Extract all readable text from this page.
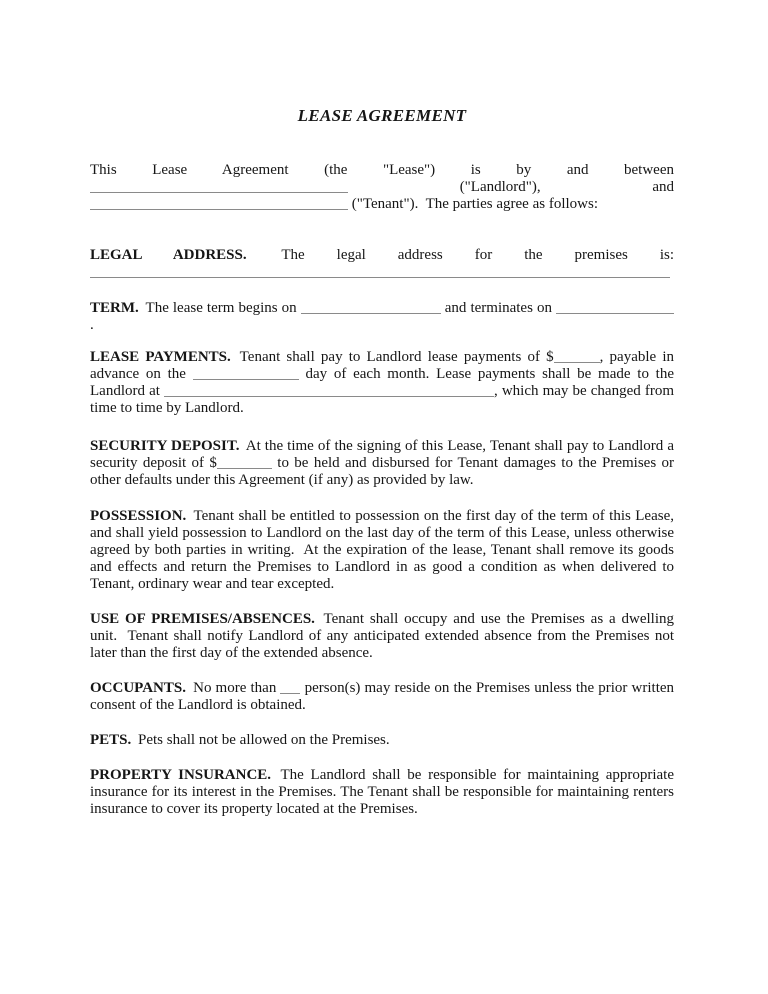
LEASE AGREEMENT

This Lease Agreement (the "Lease") is by and between  ("Landlord"), and  ("Tenant").  The parties agree as follows:

LEGAL ADDRESS. The legal address for the premises is:

TERM. The lease term begins on	and terminates on .

LEASE PAYMENTS. Tenant shall pay to Landlord lease payments of $	, payable in advance on the	day of each month. Lease payments shall be made to the Landlord at	, which may be changed from time to time by Landlord.

SECURITY DEPOSIT. At the time of the signing of this Lease, Tenant shall pay to Landlord a security deposit of $	to be held and disbursed for Tenant damages to the Premises or other defaults under this Agreement (if any) as provided by law.

POSSESSION. Tenant shall be entitled to possession on the first day of the term of this Lease, and shall yield possession to Landlord on the last day of the term of this Lease, unless otherwise agreed by both parties in writing.  At the expiration of the lease, Tenant shall remove its goods and effects and return the Premises to Landlord in as good a condition as when delivered to Tenant, ordinary wear and tear excepted.

USE OF PREMISES/ABSENCES. Tenant shall occupy and use the Premises as a dwelling unit.  Tenant shall notify Landlord of any anticipated extended absence from the Premises not later than the first day of the extended absence.

OCCUPANTS. No more than person(s) may reside on the Premises unless the prior written consent of the Landlord is obtained.

PETS. Pets shall not be allowed on the Premises.

PROPERTY INSURANCE. The Landlord shall be responsible for maintaining appropriate insurance for its interest in the Premises. The Tenant shall be responsible for maintaining renters insurance to cover its property located at the Premises.
